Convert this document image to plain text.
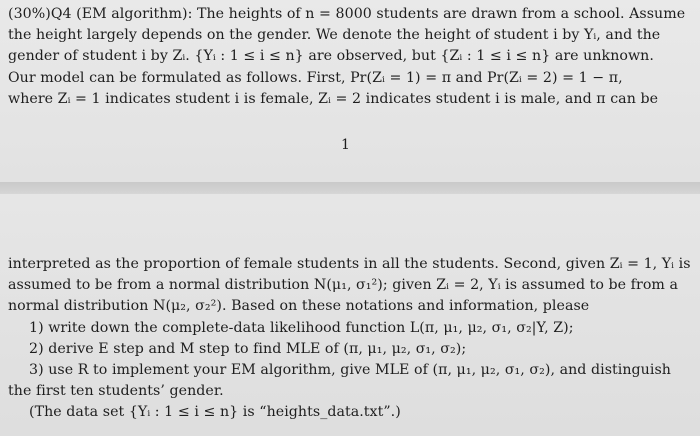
(30%)Q4 (EM algorithm): The heights of n = 8000 students are drawn from a school. Assume
the height largely depends on the gender. We denote the height of student i by Yᵢ, and the
gender of student i by Zᵢ. {Yᵢ : 1 ≤ i ≤ n} are observed, but {Zᵢ : 1 ≤ i ≤ n} are unknown.
Our model can be formulated as follows. First, Pr(Zᵢ = 1) = π and Pr(Zᵢ = 2) = 1 − π,
where Zᵢ = 1 indicates student i is female, Zᵢ = 2 indicates student i is male, and π can be
1
interpreted as the proportion of female students in all the students. Second, given Zᵢ = 1, Yᵢ is
assumed to be from a normal distribution N(μ₁, σ₁²); given Zᵢ = 2, Yᵢ is assumed to be from a
normal distribution N(μ₂, σ₂²). Based on these notations and information, please
1) write down the complete-data likelihood function L(π, μ₁, μ₂, σ₁, σ₂|Y, Z);
2) derive E step and M step to find MLE of (π, μ₁, μ₂, σ₁, σ₂);
3) use R to implement your EM algorithm, give MLE of (π, μ₁, μ₂, σ₁, σ₂), and distinguish
the first ten students’ gender.
(The data set {Yᵢ : 1 ≤ i ≤ n} is “heights_data.txt”.)
